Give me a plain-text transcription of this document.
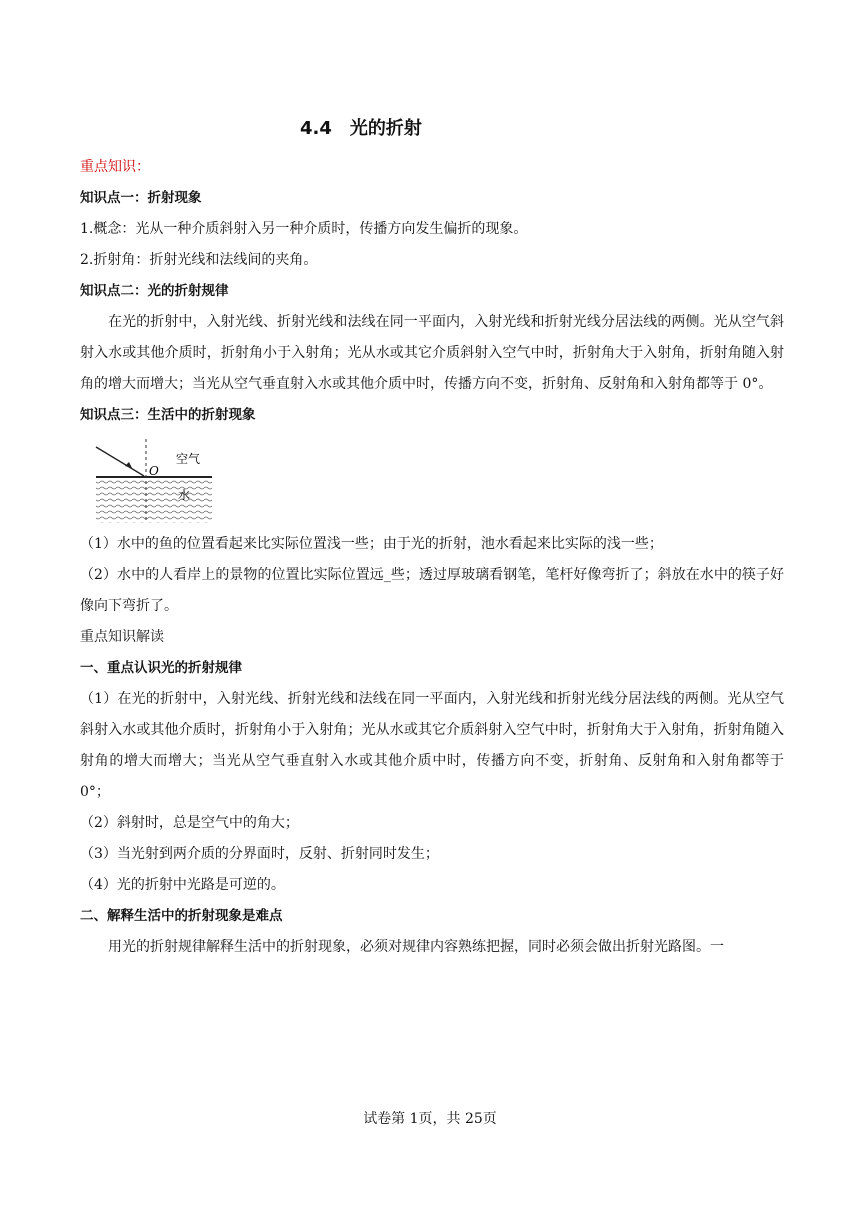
4.4　光的折射
重点知识：
知识点一：折射现象
1.概念：光从一种介质斜射入另一种介质时，传播方向发生偏折的现象。
2.折射角：折射光线和法线间的夹角。
知识点二：光的折射规律
在光的折射中，入射光线、折射光线和法线在同一平面内，入射光线和折射光线分居法线的两侧。光从空气斜射入水或其他介质时，折射角小于入射角；光从水或其它介质斜射入空气中时，折射角大于入射角，折射角随入射角的增大而增大；当光从空气垂直射入水或其他介质中时，传播方向不变，折射角、反射角和入射角都等于 0°。
知识点三：生活中的折射现象
O
空气
水
（1）水中的鱼的位置看起来比实际位置浅一些；由于光的折射，池水看起来比实际的浅一些；
（2）水中的人看岸上的景物的位置比实际位置远_些；透过厚玻璃看钢笔，笔杆好像弯折了；斜放在水中的筷子好像向下弯折了。
重点知识解读
一、重点认识光的折射规律
（1）在光的折射中，入射光线、折射光线和法线在同一平面内，入射光线和折射光线分居法线的两侧。光从空气斜射入水或其他介质时，折射角小于入射角；光从水或其它介质斜射入空气中时，折射角大于入射角，折射角随入射角的增大而增大；当光从空气垂直射入水或其他介质中时，传播方向不变，折射角、反射角和入射角都等于 0°；
（2）斜射时，总是空气中的角大；
（3）当光射到两介质的分界面时，反射、折射同时发生；
（4）光的折射中光路是可逆的。
二、解释生活中的折射现象是难点
用光的折射规律解释生活中的折射现象，必须对规律内容熟练把握，同时必须会做出折射光路图。一
试卷第 1页，共 25页
